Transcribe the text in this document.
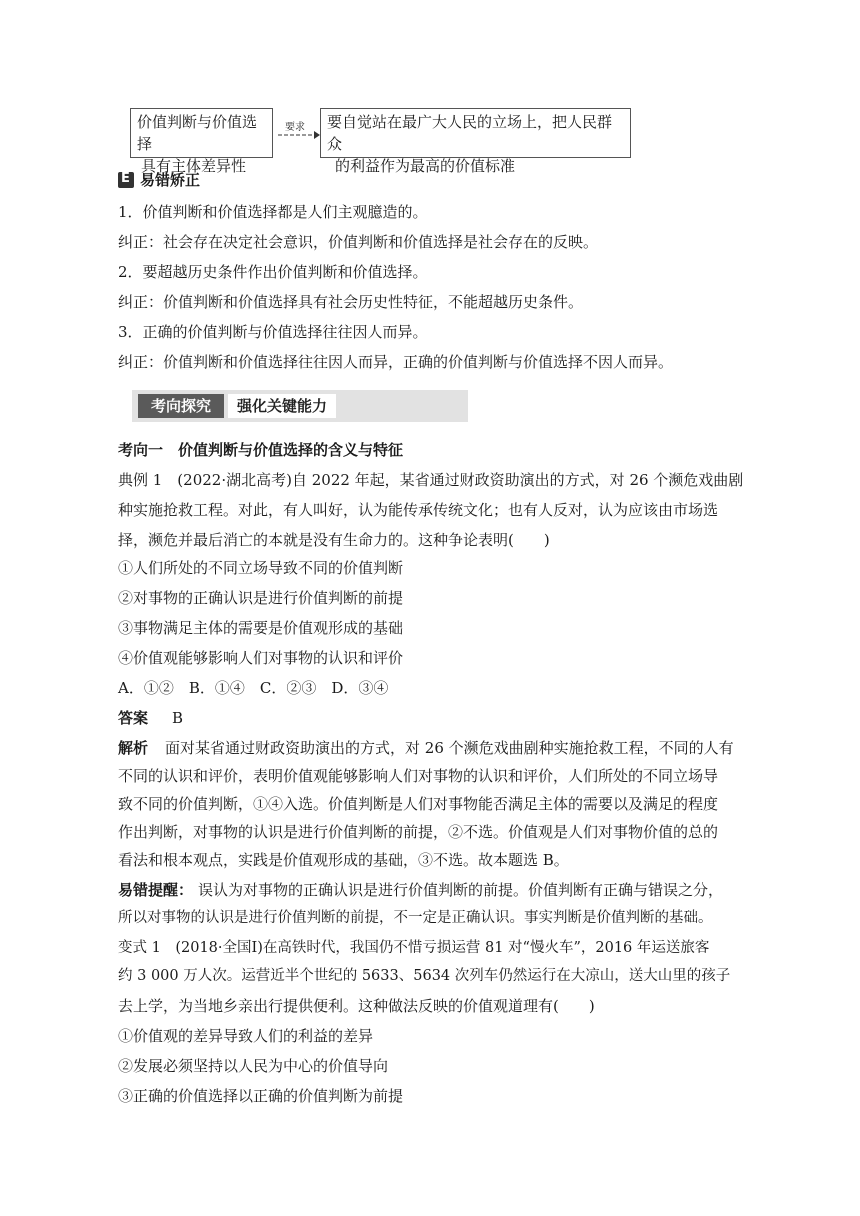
价值判断与价值选择
具有主体差异性
要求 要自觉站在最广大人民的立场上，把人民群众
的利益作为最高的价值标准
E 易错矫正
1．价值判断和价值选择都是人们主观臆造的。
纠正：社会存在决定社会意识，价值判断和价值选择是社会存在的反映。
2．要超越历史条件作出价值判断和价值选择。
纠正：价值判断和价值选择具有社会历史性特征，不能超越历史条件。
3．正确的价值判断与价值选择往往因人而异。
纠正：价值判断和价值选择往往因人而异，正确的价值判断与价值选择不因人而异。
考向探究	强化关键能力
考向一　价值判断与价值选择的含义与特征
典例 1　(2022·湖北高考)自 2022 年起，某省通过财政资助演出的方式，对 26 个濒危戏曲剧
种实施抢救工程。对此，有人叫好，认为能传承传统文化；也有人反对，认为应该由市场选
择，濒危并最后消亡的本就是没有生命力的。这种争论表明(　　)
①人们所处的不同立场导致不同的价值判断
②对事物的正确认识是进行价值判断的前提
③事物满足主体的需要是价值观形成的基础
④价值观能够影响人们对事物的认识和评价
A．①②　B．①④　C．②③　D．③④
答案 B
解析 　面对某省通过财政资助演出的方式，对 26 个濒危戏曲剧种实施抢救工程，不同的人有
不同的认识和评价，表明价值观能够影响人们对事物的认识和评价，人们所处的不同立场导
致不同的价值判断，①④入选。价值判断是人们对事物能否满足主体的需要以及满足的程度
作出判断，对事物的认识是进行价值判断的前提，②不选。价值观是人们对事物价值的总的
看法和根本观点，实践是价值观形成的基础，③不选。故本题选 B。
易错提醒： 误认为对事物的正确认识是进行价值判断的前提。价值判断有正确与错误之分，
所以对事物的认识是进行价值判断的前提，不一定是正确认识。事实判断是价值判断的基础。
变式 1　(2018·全国Ⅰ)在高铁时代，我国仍不惜亏损运营 81 对“慢火车”，2016 年运送旅客
约 3 000 万人次。运营近半个世纪的 5633、5634 次列车仍然运行在大凉山，送大山里的孩子
去上学，为当地乡亲出行提供便利。这种做法反映的价值观道理有(　　)
①价值观的差异导致人们的利益的差异
②发展必须坚持以人民为中心的价值导向
③正确的价值选择以正确的价值判断为前提
